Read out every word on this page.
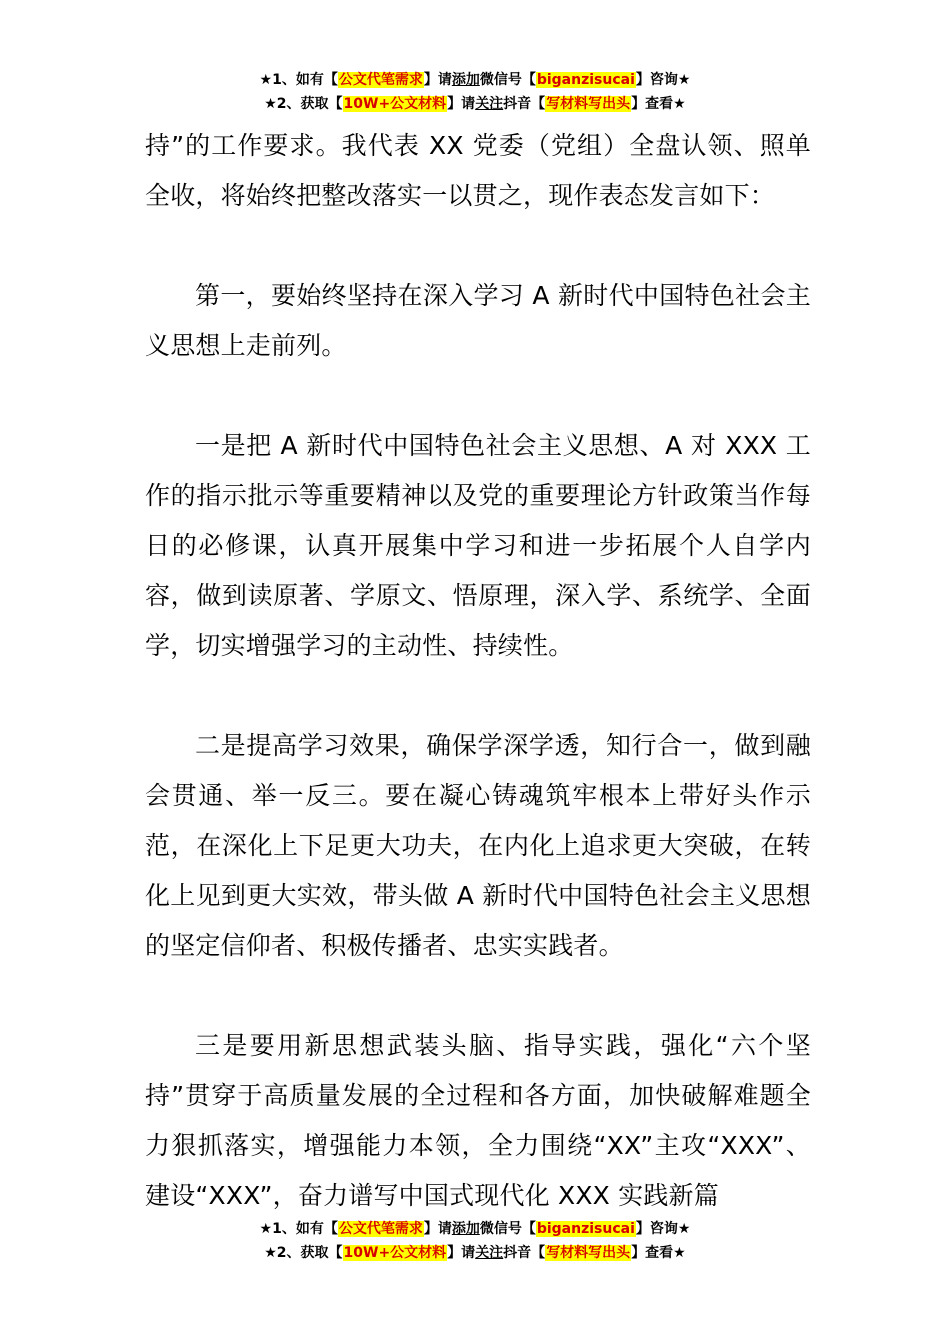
★1、如有【公文代笔需求】请添加微信号【biganzisucai】咨询★
★2、获取【10W+公文材料】请关注抖音【写材料写出头】查看★

持”的工作要求。我代表 XX 党委（党组）全盘认领、照单全收，将始终把整改落实一以贯之，现作表态发言如下：

第一，要始终坚持在深入学习 A 新时代中国特色社会主义思想上走前列。

一是把 A 新时代中国特色社会主义思想、A 对 XXX 工作的指示批示等重要精神以及党的重要理论方针政策当作每日的必修课，认真开展集中学习和进一步拓展个人自学内容，做到读原著、学原文、悟原理，深入学、系统学、全面学，切实增强学习的主动性、持续性。

二是提高学习效果，确保学深学透，知行合一，做到融会贯通、举一反三。要在凝心铸魂筑牢根本上带好头作示范，在深化上下足更大功夫，在内化上追求更大突破，在转化上见到更大实效，带头做 A 新时代中国特色社会主义思想的坚定信仰者、积极传播者、忠实实践者。

三是要用新思想武装头脑、指导实践，强化“六个坚持”贯穿于高质量发展的全过程和各方面，加快破解难题全力狠抓落实，增强能力本领，全力围绕“XX”主攻“XXX”、建设“XXX”，奋力谱写中国式现代化 XXX 实践新篇

★1、如有【公文代笔需求】请添加微信号【biganzisucai】咨询★
★2、获取【10W+公文材料】请关注抖音【写材料写出头】查看★
